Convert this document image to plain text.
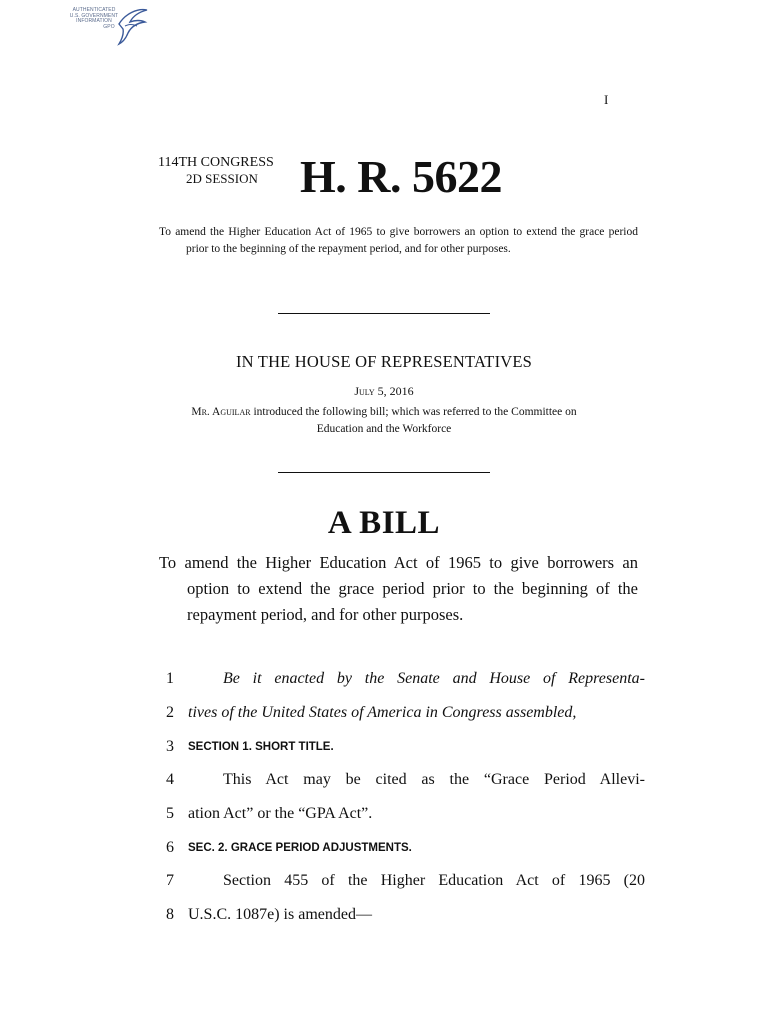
AUTHENTICATED
U.S. GOVERNMENT
INFORMATION
GPO
I
114TH CONGRESS
2D SESSION H. R. 5622
To amend the Higher Education Act of 1965 to give borrowers an option to extend the grace period prior to the beginning of the repayment period, and for other purposes.
IN THE HOUSE OF REPRESENTATIVES
July 5, 2016
Mr. Aguilar introduced the following bill; which was referred to the Committee on Education and the Workforce
A BILL
To amend the Higher Education Act of 1965 to give borrowers an option to extend the grace period prior to the beginning of the repayment period, and for other purposes.
1	Be it enacted by the Senate and House of Representa-
2 tives of the United States of America in Congress assembled,
3	SECTION 1. SHORT TITLE.
4	This Act may be cited as the “Grace Period Allevi-
5 ation Act” or the “GPA Act”.
6	SEC. 2. GRACE PERIOD ADJUSTMENTS.
7	Section 455 of the Higher Education Act of 1965 (20
8 U.S.C. 1087e) is amended—
